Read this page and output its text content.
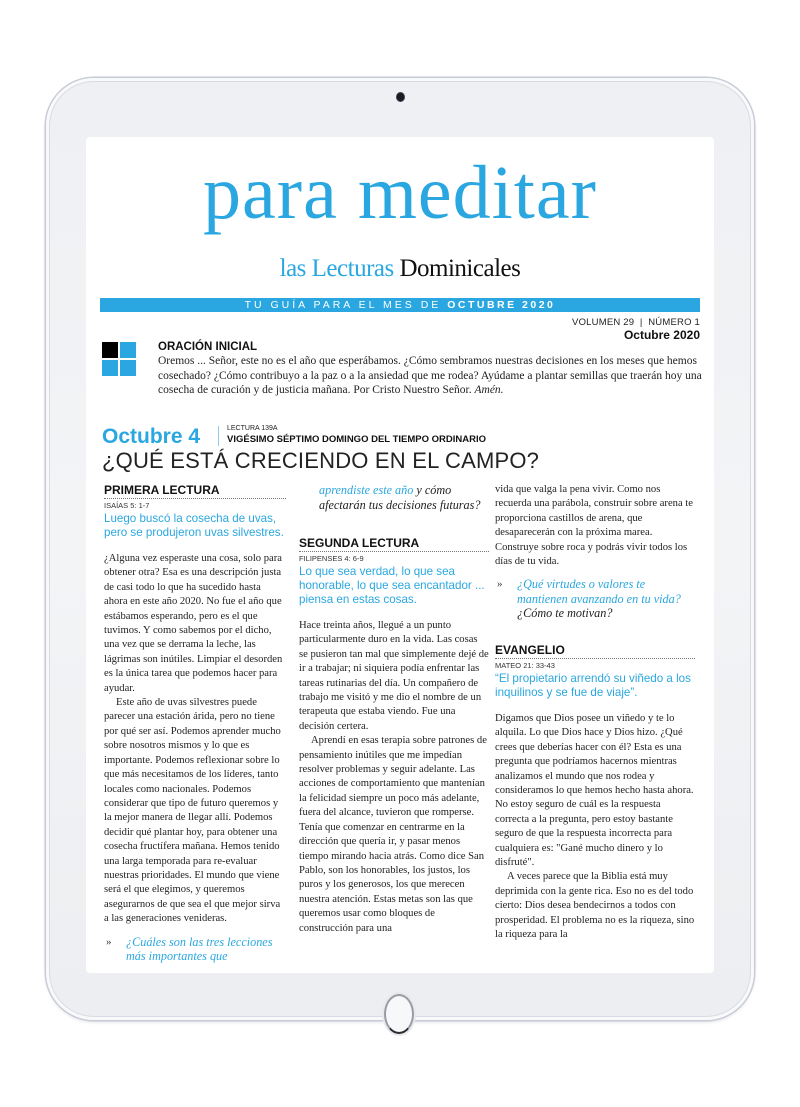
para meditar
las Lecturas Dominicales
TU GUÍA PARA EL MES DE OCTUBRE 2020
VOLUMEN 29  |  NÚMERO 1
Octubre 2020
ORACIÓN INICIAL
Oremos ... Señor, este no es el año que esperábamos. ¿Cómo sembramos nuestras decisiones en los meses que hemos cosechado? ¿Cómo contribuyo a la paz o a la ansiedad que me rodea? Ayúdame a plantar semillas que traerán hoy una cosecha de curación y de justicia mañana. Por Cristo Nuestro Señor. Amén.
Octubre 4	LECTURA 139A
VIGÉSIMO SÉPTIMO DOMINGO DEL TIEMPO ORDINARIO
¿QUÉ ESTÁ CRECIENDO EN EL CAMPO?
PRIMERA LECTURA
ISAÍAS 5: 1-7
Luego buscó la cosecha de uvas, pero se produjeron uvas silvestres.

¿Alguna vez esperaste una cosa, solo para obtener otra? Esa es una descripción justa de casi todo lo que ha sucedido hasta ahora en este año 2020. No fue el año que estábamos esperando, pero es el que tuvimos. Y como sabemos por el dicho, una vez que se derrama la leche, las lágrimas son inútiles. Limpiar el desorden es la única tarea que podemos hacer para ayudar.

Este año de uvas silvestres puede parecer una estación árida, pero no tiene por qué ser así. Podemos aprender mucho sobre nosotros mismos y lo que es importante. Podemos reflexionar sobre lo que más necesitamos de los líderes, tanto locales como nacionales. Podemos considerar que tipo de futuro queremos y la mejor manera de llegar allí. Podemos decidir qué plantar hoy, para obtener una cosecha fructífera mañana. Hemos tenido una larga temporada para re-evaluar nuestras prioridades. El mundo que viene será el que elegimos, y queremos asegurarnos de que sea el que mejor sirva a las generaciones venideras.

»	¿Cuáles son las tres lecciones más importantes que
aprendiste este año y cómo afectarán tus decisiones futuras?
SEGUNDA LECTURA
FILIPENSES 4: 6-9
Lo que sea verdad, lo que sea honorable, lo que sea encantador ... piensa en estas cosas.

Hace treinta años, llegué a un punto particularmente duro en la vida. Las cosas se pusieron tan mal que simplemente dejé de ir a trabajar; ni siquiera podía enfrentar las tareas rutinarias del día. Un compañero de trabajo me visitó y me dio el nombre de un terapeuta que estaba viendo. Fue una decisión certera.

Aprendí en esas terapia sobre patrones de pensamiento inútiles que me impedían resolver problemas y seguir adelante. Las acciones de comportamiento que mantenían la felicidad siempre un poco más adelante, fuera del alcance, tuvieron que romperse. Tenía que comenzar en centrarme en la dirección que quería ir, y pasar menos tiempo mirando hacia atrás. Como dice San Pablo, son los honorables, los justos, los puros y los generosos, los que merecen nuestra atención. Estas metas son las que queremos usar como bloques de construcción para una

vida que valga la pena vivir. Como nos recuerda una parábola, construir sobre arena te proporciona castillos de arena, que desaparecerán con la próxima marea. Construye sobre roca y podrás vivir todos los días de tu vida.

»	¿Qué virtudes o valores te mantienen avanzando en tu vida? ¿Cómo te motivan?
EVANGELIO
MATEO 21: 33-43
“El propietario arrendó su viñedo a los inquilinos y se fue de viaje”.

Digamos que Dios posee un viñedo y te lo alquila. Lo que Dios hace y Dios hizo. ¿Qué crees que deberías hacer con él? Esta es una pregunta que podríamos hacernos mientras analizamos el mundo que nos rodea y consideramos lo que hemos hecho hasta ahora. No estoy seguro de cuál es la respuesta correcta a la pregunta, pero estoy bastante seguro de que la respuesta incorrecta para cualquiera es: "Gané mucho dinero y lo disfruté".

A veces parece que la Biblia está muy deprimida con la gente rica. Eso no es del todo cierto: Dios desea bendecirnos a todos con prosperidad. El problema no es la riqueza, sino la riqueza para la
